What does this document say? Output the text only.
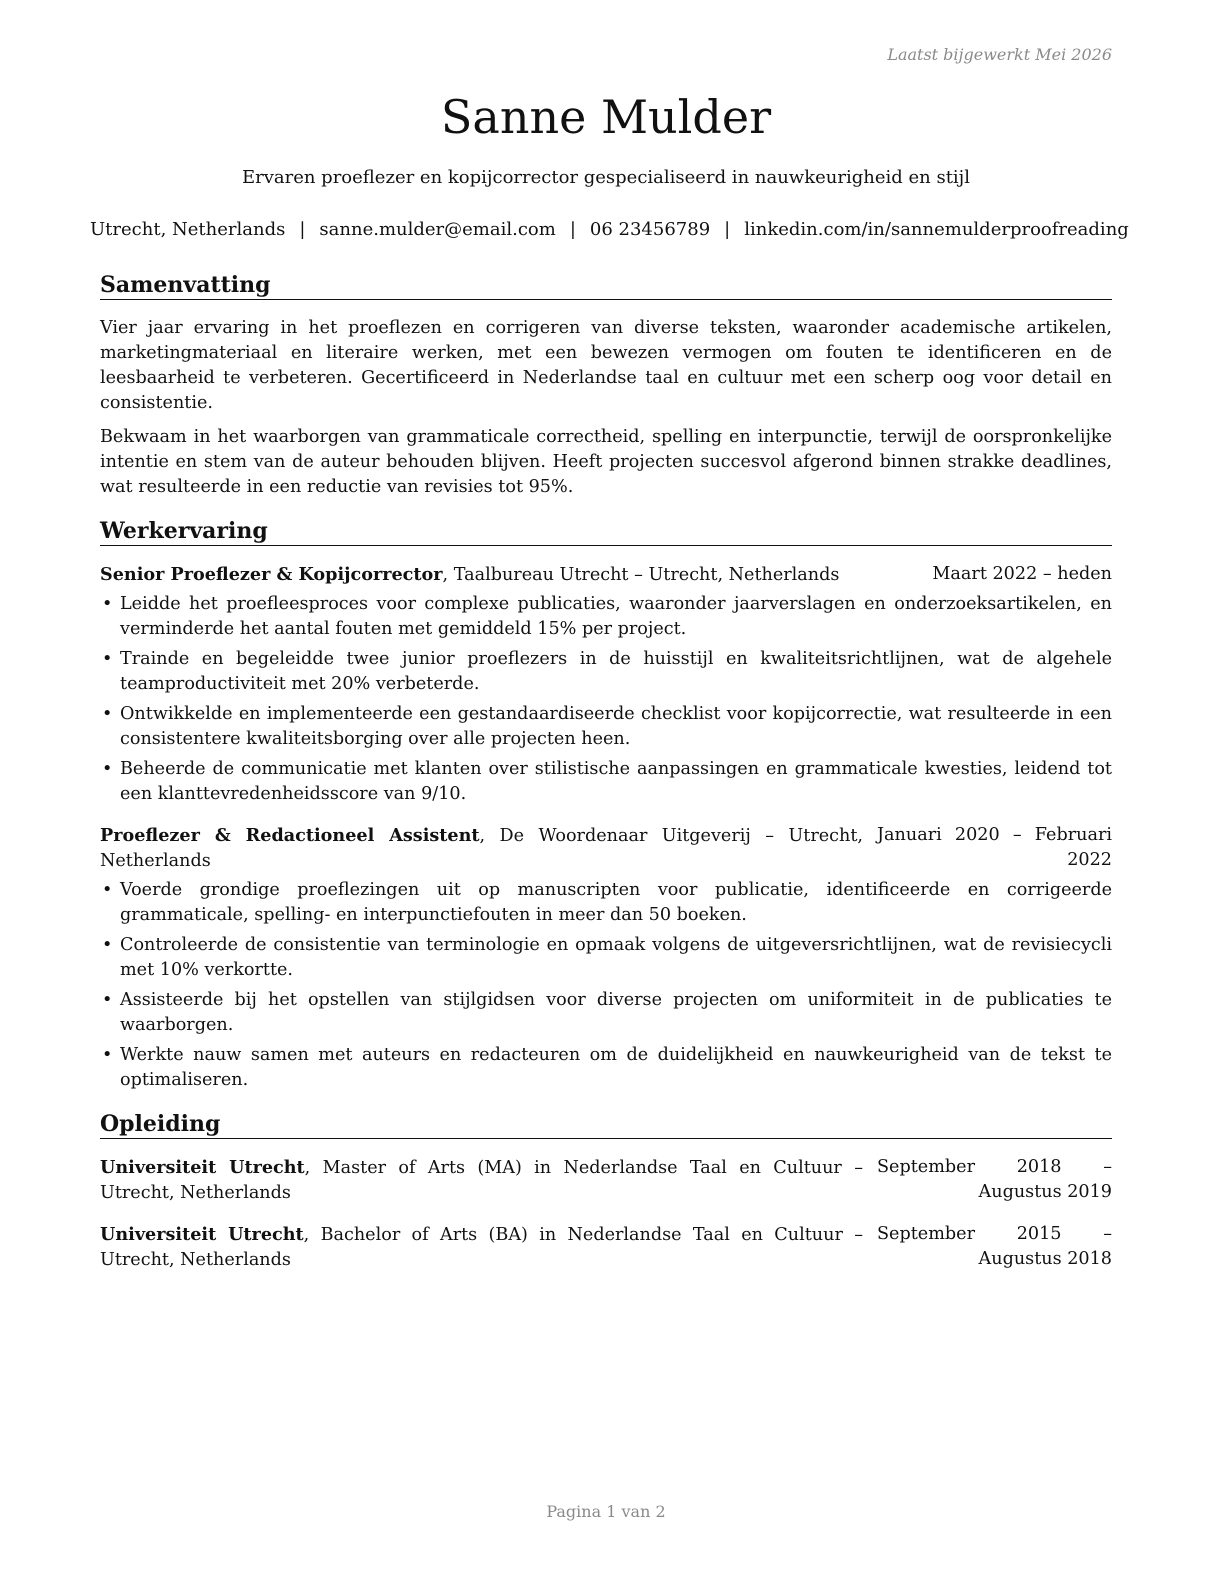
Laatst bijgewerkt Mei 2026
Sanne Mulder
Ervaren proeflezer en kopijcorrector gespecialiseerd in nauwkeurigheid en stijl
Utrecht, Netherlands | sanne.mulder@email.com | 06 23456789 | linkedin.com/in/sannemulderproofreading
Samenvatting

Vier jaar ervaring in het proeflezen en corrigeren van diverse teksten, waaronder academische artikelen, marketingmateriaal en literaire werken, met een bewezen vermogen om fouten te identificeren en de leesbaarheid te verbeteren. Gecertificeerd in Nederlandse taal en cultuur met een scherp oog voor detail en consistentie.

Bekwaam in het waarborgen van grammaticale correctheid, spelling en interpunctie, terwijl de oorspronkelijke intentie en stem van de auteur behouden blijven. Heeft projecten succesvol afgerond binnen strakke deadlines, wat resulteerde in een reductie van revisies tot 95%.

Werkervaring
Senior Proeflezer & Kopijcorrector, Taalbureau Utrecht – Utrecht, Netherlands	Maart 2022 – heden
• Leidde het proefleesproces voor complexe publicaties, waaronder jaarverslagen en onderzoeksartikelen, en verminderde het aantal fouten met gemiddeld 15% per project.
• Trainde en begeleidde twee junior proeflezers in de huisstijl en kwaliteitsrichtlijnen, wat de algehele teamproductiviteit met 20% verbeterde.
• Ontwikkelde en implementeerde een gestandaardiseerde checklist voor kopijcorrectie, wat resulteerde in een consistentere kwaliteitsborging over alle projecten heen.
• Beheerde de communicatie met klanten over stilistische aanpassingen en grammaticale kwesties, leidend tot een klanttevredenheidsscore van 9/10.
Proeflezer & Redactioneel Assistent, De Woordenaar Uitgeverij – Utrecht, Netherlands
Januari 2020 – Februari 2022
• Voerde grondige proeflezingen uit op manuscripten voor publicatie, identificeerde en corrigeerde grammaticale, spelling- en interpunctiefouten in meer dan 50 boeken.
• Controleerde de consistentie van terminologie en opmaak volgens de uitgeversrichtlijnen, wat de revisiecycli met 10% verkortte.
• Assisteerde bij het opstellen van stijlgidsen voor diverse projecten om uniformiteit in de publicaties te waarborgen.
• Werkte nauw samen met auteurs en redacteuren om de duidelijkheid en nauwkeurigheid van de tekst te optimaliseren.
Opleiding
Universiteit Utrecht, Master of Arts (MA) in Nederlandse Taal en Cultuur – Utrecht, Netherlands
September 2018 – Augustus 2019
Universiteit Utrecht, Bachelor of Arts (BA) in Nederlandse Taal en Cultuur – Utrecht, Netherlands
September 2015 – Augustus 2018
Pagina 1 van 2
